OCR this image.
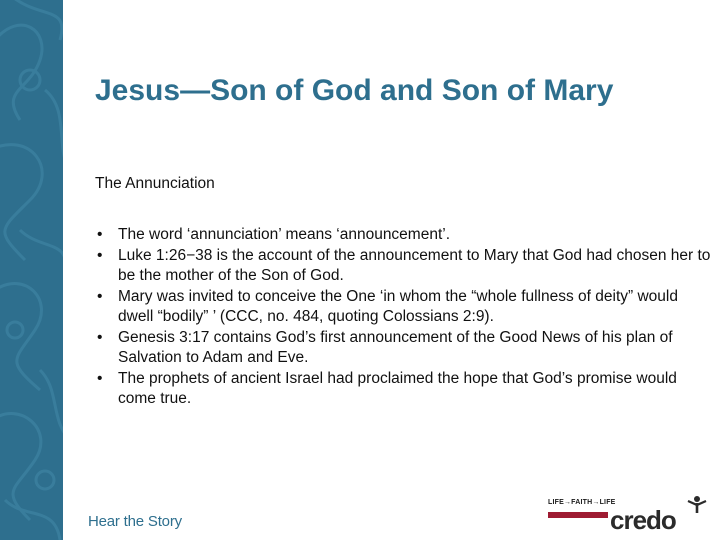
Jesus—Son of God and Son of Mary
The Annunciation
• The word ‘annunciation’ means ‘announcement’.
• Luke 1:26−38 is the account of the announcement to Mary that God had chosen her to be the mother of the Son of God.
• Mary was invited to conceive the One ‘in whom the “whole fullness of deity” would dwell “bodily” ’ (CCC, no. 484, quoting Colossians 2:9).
• Genesis 3:17 contains God’s first announcement of the Good News of his plan of Salvation to Adam and Eve.
• The prophets of ancient Israel had proclaimed the hope that God’s promise would come true.
Hear the Story
LIFE→FAITH→LIFE
credo
